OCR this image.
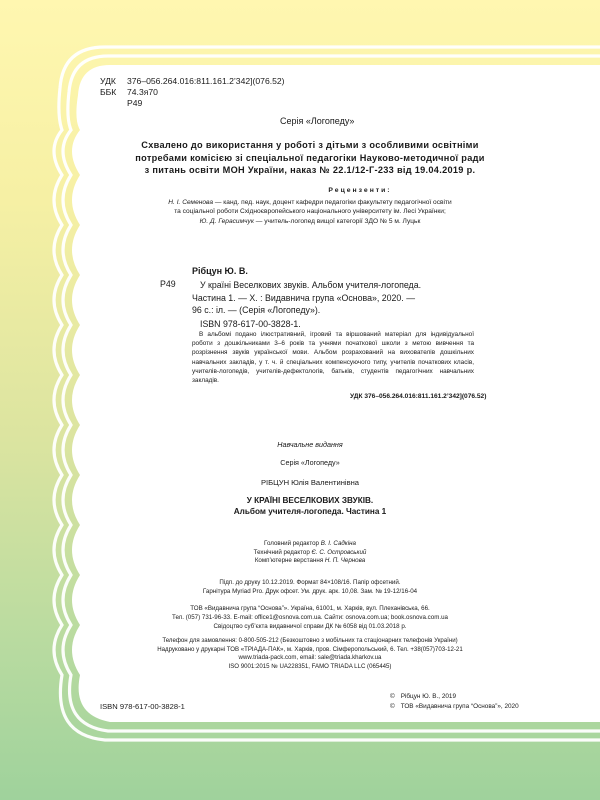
УДК	376–056.264.016:811.161.2’342](076.52)
ББК	74.3я70
Р49
Серія «Логопеду»
Схвалено до використання у роботі з дітьми з особливими освітніми
потребами комісією зі спеціальної педагогіки Науково-методичної ради
з питань освіти МОН України, наказ № 22.1/12-Г-233 від 19.04.2019 р.
Рецензенти:
Н. І. Семенова — канд. пед. наук, доцент кафедри педагогіки факультету педагогічної освіти
та соціальної роботи Східноєвропейського національного університету ім. Лесі Українки;
Ю. Д. Герасимчук — учитель-логопед вищої категорії ЗДО № 5 м. Луцьк
Рібцун Ю. В.
Р49	У країні Веселкових звуків. Альбом учителя-логопеда.
Частина 1. — Х. : Видавнича група «Основа», 2020. —
96 с.: іл. — (Серія «Логопеду»).
ISBN 978-617-00-3828-1.
В альбомі подано ілюстративний, ігровий та віршований матеріал для індивідуальної роботи з дошкільниками 3–6 років та учнями початкової школи з метою вивчення та розрізнення звуків української мови. Альбом розрахований на вихователів дошкільних навчальних закладів, у т. ч. й спеціальних компенсуючого типу, учителів початкових класів, учителів-логопедів, учителів-дефектологів, батьків, студентів педагогічних навчальних закладів.
УДК 376–056.264.016:811.161.2’342](076.52)
Навчальне видання
Серія «Логопеду»
РІБЦУН Юлія Валентинівна
У КРАЇНІ ВЕСЕЛКОВИХ ЗВУКІВ.
Альбом учителя-логопеда. Частина 1
Головний редактор В. І. Садкіна
Технічний редактор Є. С. Островський
Комп’ютерне верстання Н. П. Чернова
Підп. до друку 10.12.2019. Формат 84×108/16. Папір офсетний.
Гарнітура Myriad Pro. Друк офсет. Ум. друк. арк. 10,08. Зам. № 19-12/16-04
ТОВ «Видавнича група “Основа”». Україна, 61001, м. Харків, вул. Плеханівська, 66.
Тел. (057) 731-96-33. E-mail: office1@osnova.com.ua. Сайти: osnova.com.ua; book.osnova.com.ua
Свідоцтво суб’єкта видавничої справи ДК № 6058 від 01.03.2018 р.
Телефон для замовлення: 0-800-505-212 (Безкоштовно з мобільних та стаціонарних телефонів України)
Надруковано у друкарні ТОВ «ТРІАДА-ПАК», м. Харків, пров. Сімферопольський, 6. Тел. +38(057)703-12-21
www.triada-pack.com, email: sale@triada.kharkov.ua
ISO 9001:2015 № UA228351, FAMO TRIADA LLC (065445)
ISBN 978-617-00-3828-1
© Рібцун Ю. В., 2019
© ТОВ «Видавнича група “Основа”», 2020
